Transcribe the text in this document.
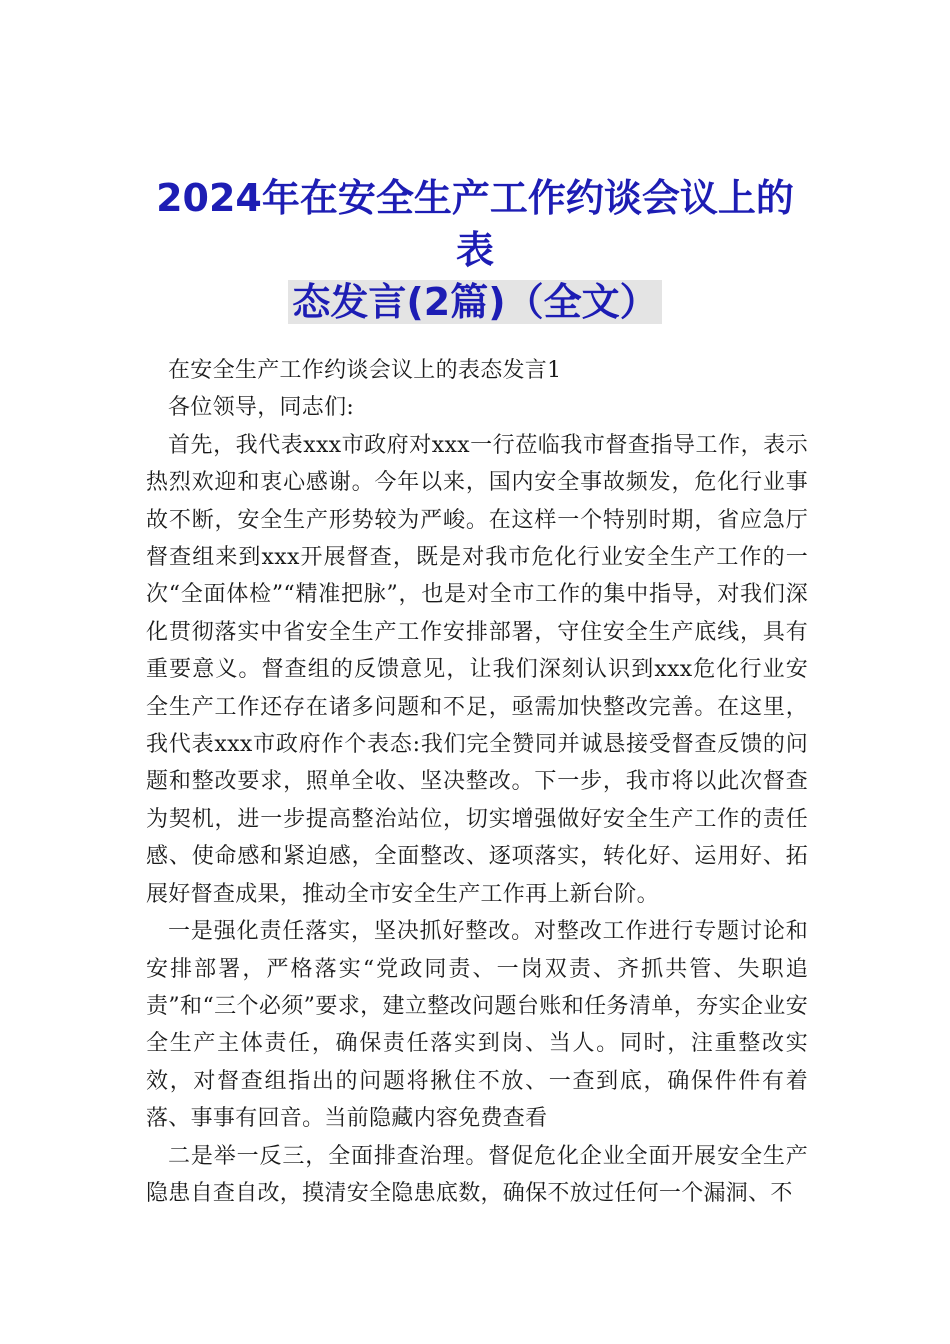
2024年在安全生产工作约谈会议上的表
态发言(2篇)（全文）

在安全生产工作约谈会议上的表态发言1

各位领导，同志们:

首先，我代表xxx市政府对xxx一行莅临我市督查指导工作，表示热烈欢迎和衷心感谢。今年以来，国内安全事故频发，危化行业事故不断，安全生产形势较为严峻。在这样一个特别时期，省应急厅督查组来到xxx开展督查，既是对我市危化行业安全生产工作的一次“全面体检”“精准把脉”，也是对全市工作的集中指导，对我们深化贯彻落实中省安全生产工作安排部署，守住安全生产底线，具有重要意义。督查组的反馈意见，让我们深刻认识到xxx危化行业安全生产工作还存在诸多问题和不足，亟需加快整改完善。在这里，我代表xxx市政府作个表态:我们完全赞同并诚恳接受督查反馈的问题和整改要求，照单全收、坚决整改。下一步，我市将以此次督查为契机，进一步提高整治站位，切实增强做好安全生产工作的责任感、使命感和紧迫感，全面整改、逐项落实，转化好、运用好、拓展好督查成果，推动全市安全生产工作再上新台阶。

一是强化责任落实，坚决抓好整改。对整改工作进行专题讨论和安排部署，严格落实“党政同责、一岗双责、齐抓共管、失职追责”和“三个必须”要求，建立整改问题台账和任务清单，夯实企业安全生产主体责任，确保责任落实到岗、当人。同时，注重整改实效，对督查组指出的问题将揪住不放、一查到底，确保件件有着落、事事有回音。当前隐藏内容免费查看

二是举一反三，全面排查治理。督促危化企业全面开展安全生产隐患自查自改，摸清安全隐患底数，确保不放过任何一个漏洞、不
